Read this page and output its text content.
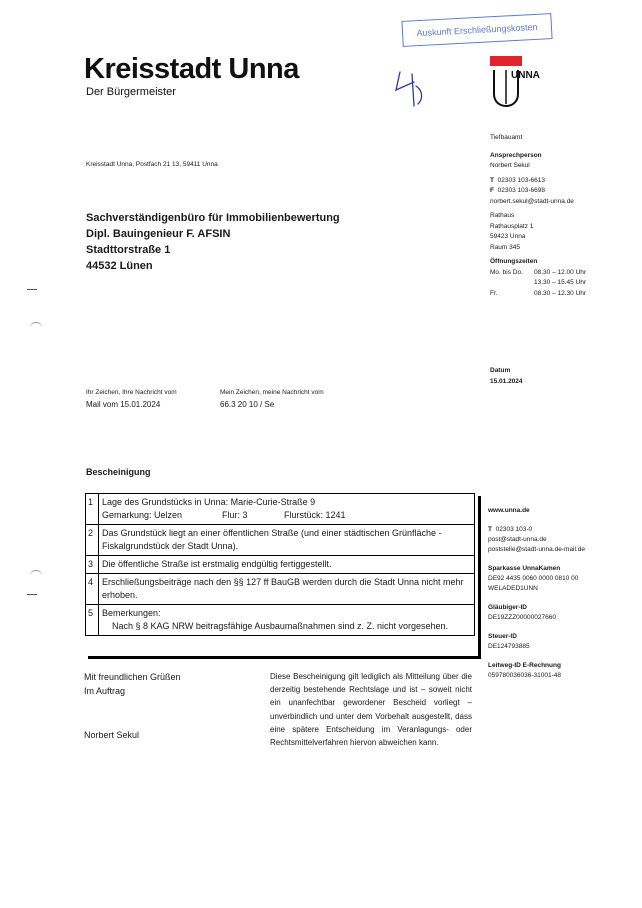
Auskunft Erschließungskosten
Kreisstadt Unna
Der Bürgermeister
UNNA
Kreisstadt Unna, Postfach 21 13, 59411 Unna
Sachverständigenbüro für Immobilienbewertung
Dipl. Bauingenieur F. AFSIN
Stadttorstraße 1
44532 Lünen
Tiefbauamt
Ansprechperson
Norbert Sekul
T 02303 103-6613
F 02303 103-6698
norbert.sekul@stadt-unna.de
Rathaus
Rathausplatz 1
59423 Unna
Raum 345
Öffnungszeiten
Mo. bis Do.	08.30 – 12.00 Uhr
13.30 – 15.45 Uhr
Fr.	08.30 – 12.30 Uhr
Datum
15.01.2024
Ihr Zeichen, Ihre Nachricht vom
Mail vom 15.01.2024
Mein Zeichen, meine Nachricht vom
66.3 20 10 / Se
Bescheinigung
1	Lage des Grundstücks in Unna: Marie-Curie-Straße 9
Gemarkung: Uelzen Flur: 3 Flurstück: 1241

2	Das Grundstück liegt an einer öffentlichen Straße (und einer städtischen Grünfläche - Fiskalgrundstück der Stadt Unna).
3	Die öffentliche Straße ist erstmalig endgültig fertiggestellt.
4	Erschließungsbeiträge nach den §§ 127 ff BauGB werden durch die Stadt Unna nicht mehr erhoben.
5	Bemerkungen:
Nach § 8 KAG NRW beitragsfähige Ausbaumaßnahmen sind z. Z. nicht vorgesehen.
Mit freundlichen Grüßen
Im Auftrag
Norbert Sekul
Diese Bescheinigung gilt lediglich als Mitteilung über die derzeitig bestehende Rechtslage und ist – soweit nicht ein unanfechtbar gewordener Bescheid vorliegt – unverbindlich und unter dem Vorbehalt ausgestellt, dass eine spätere Entscheidung im Veranlagungs- oder Rechtsmittelverfahren hiervon abweichen kann.
www.unna.de
T 02303 103-0
post@stadt-unna.de
poststelle@stadt-unna.de-mail.de
Sparkasse UnnaKamen
DE92 4435 0060 0000 0810 00
WELADED1UNN
Gläubiger-ID
DE19ZZZ00000027660
Steuer-ID
DE124793885
Leitweg-ID E-Rechnung
059780036036-31001-48
